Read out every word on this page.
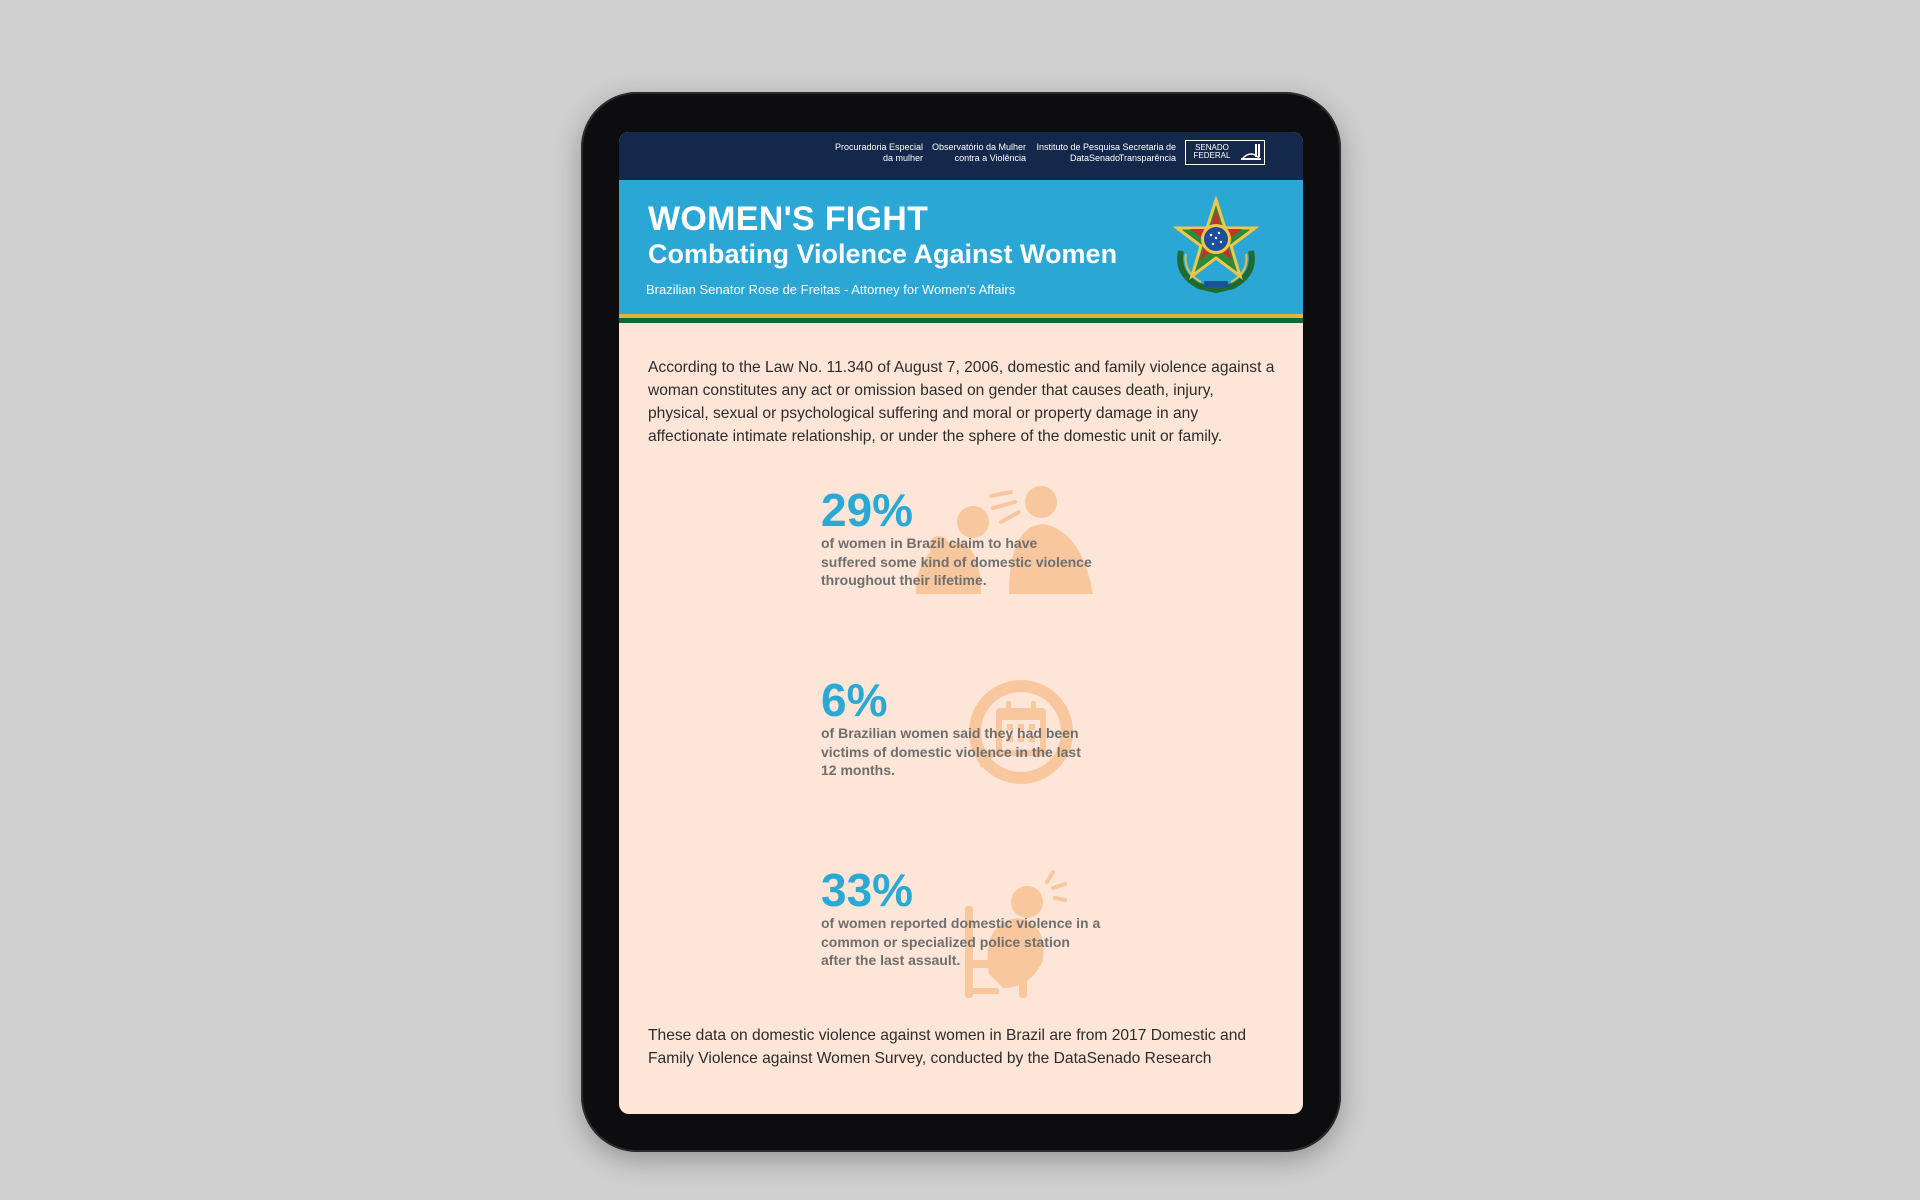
Procuradoria Especial
da mulher
Observatório da Mulher
contra a Violência
Instituto de Pesquisa
DataSenado
Secretaria de
Transparência
SENADO
FEDERAL
WOMEN'S FIGHT
Combating Violence Against Women
Brazilian Senator Rose de Freitas - Attorney for Women’s Affairs
According to the Law No. 11.340 of August 7, 2006, domestic and family violence against a woman constitutes any act or omission based on gender that causes death, injury, physical, sexual or psychological suffering and moral or property damage in any affectionate intimate relationship, or under the sphere of the domestic unit or family.
29%
of women in Brazil claim to have
suffered some kind of domestic violence
throughout their lifetime.
6%
of Brazilian women said they had been
victims of domestic violence in the last
12 months.
33%
of women reported domestic violence in a
common or specialized police station
after the last assault.
These data on domestic violence against women in Brazil are from 2017 Domestic and Family Violence against Women Survey, conducted by the DataSenado Research
